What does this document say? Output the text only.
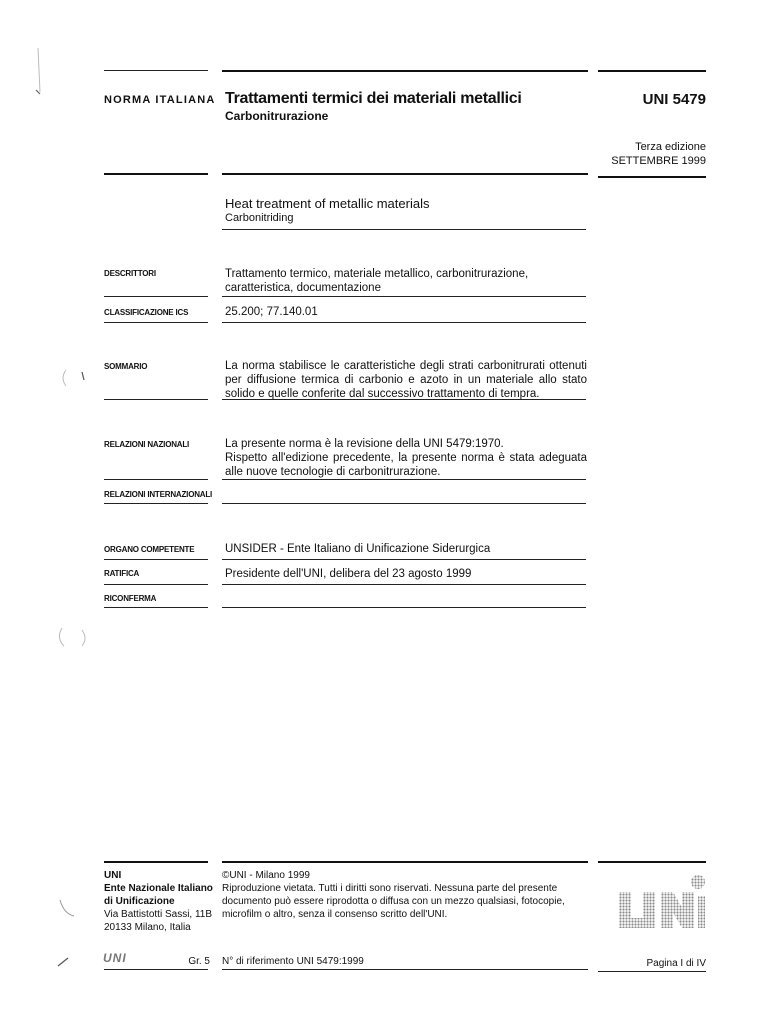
NORMA ITALIANA Trattamenti termici dei materiali metallici
Carbonitrurazione
UNI 5479
Terza edizione
SETTEMBRE 1999
Heat treatment of metallic materials
Carbonitriding
DESCRITTORI	Trattamento termico, materiale metallico, carbonitrurazione, caratteristica, documentazione
CLASSIFICAZIONE ICS	25.200; 77.140.01
SOMMARIO	La norma stabilisce le caratteristiche degli strati carbonitrurati ottenuti per diffusione termica di carbonio e azoto in un materiale allo stato solido e quelle conferite dal successivo trattamento di tempra.
RELAZIONI NAZIONALI	La presente norma è la revisione della UNI 5479:1970.
Rispetto all'edizione precedente, la presente norma è stata adeguata alle nuove tecnologie di carbonitrurazione.
RELAZIONI INTERNAZIONALI
ORGANO COMPETENTE	UNSIDER - Ente Italiano di Unificazione Siderurgica
RATIFICA	Presidente dell'UNI, delibera del 23 agosto 1999
RICONFERMA
UNI
Ente Nazionale Italiano
di Unificazione
Via Battistotti Sassi, 11B
20133 Milano, Italia
©UNI - Milano 1999
Riproduzione vietata. Tutti i diritti sono riservati. Nessuna parte del presente documento può essere riprodotta o diffusa con un mezzo qualsiasi, fotocopie, microfilm o altro, senza il consenso scritto dell'UNI.
UNI	Gr. 5 N° di riferimento UNI 5479:1999	Pagina I di IV
